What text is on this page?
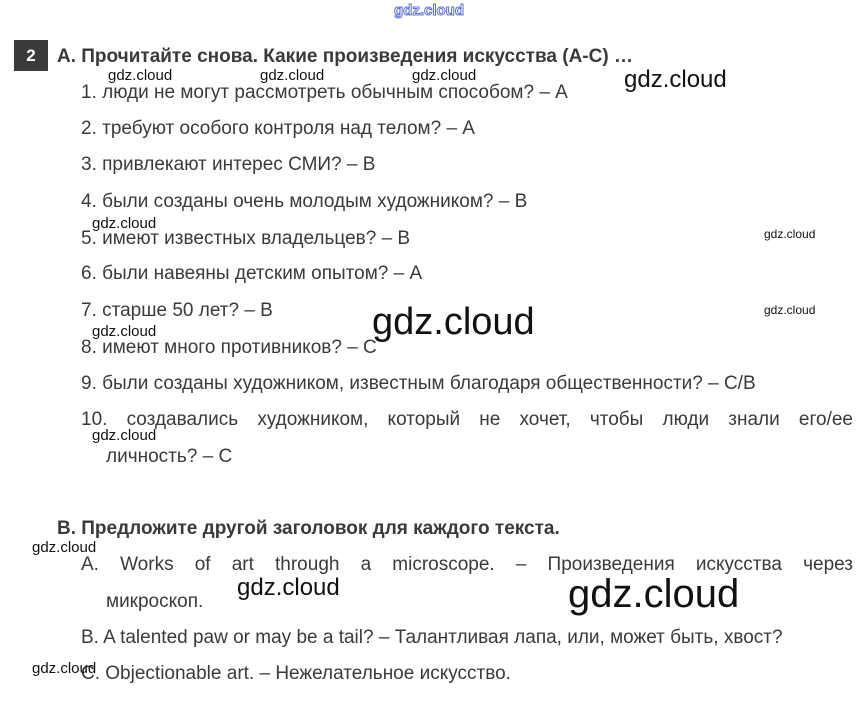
2	A. Прочитайте снова. Какие произведения искусства (A-C) …
1. люди не могут рассмотреть обычным способом? – A
2. требуют особого контроля над телом? – A
3. привлекают интерес СМИ? – B
4. были созданы очень молодым художником? – B
5. имеют известных владельцев? – B
6. были навеяны детским опытом? – A
7. старше 50 лет? – B
8. имеют много противников? – C
9. были созданы художником, известным благодаря общественности? – C/B
10. создавались художником, который не хочет, чтобы люди знали его/ее
личность? – C
B. Предложите другой заголовок для каждого текста.
A. Works of art through a microscope. – Произведения искусства через
микроскоп.
B. A talented paw or may be a tail? – Талантливая лапа, или, может быть, хвост?
C. Objectionable art. – Нежелательное искусство.
gdz.cloud
gdz.cloud	gdz.cloud	gdz.cloud	gdz.cloud
gdz.cloud
gdz.cloud
gdz.cloud
gdz.cloud
gdz.cloud
gdz.cloud
gdz.cloud
gdz.cloud	gdz.cloud
gdz.cloud
